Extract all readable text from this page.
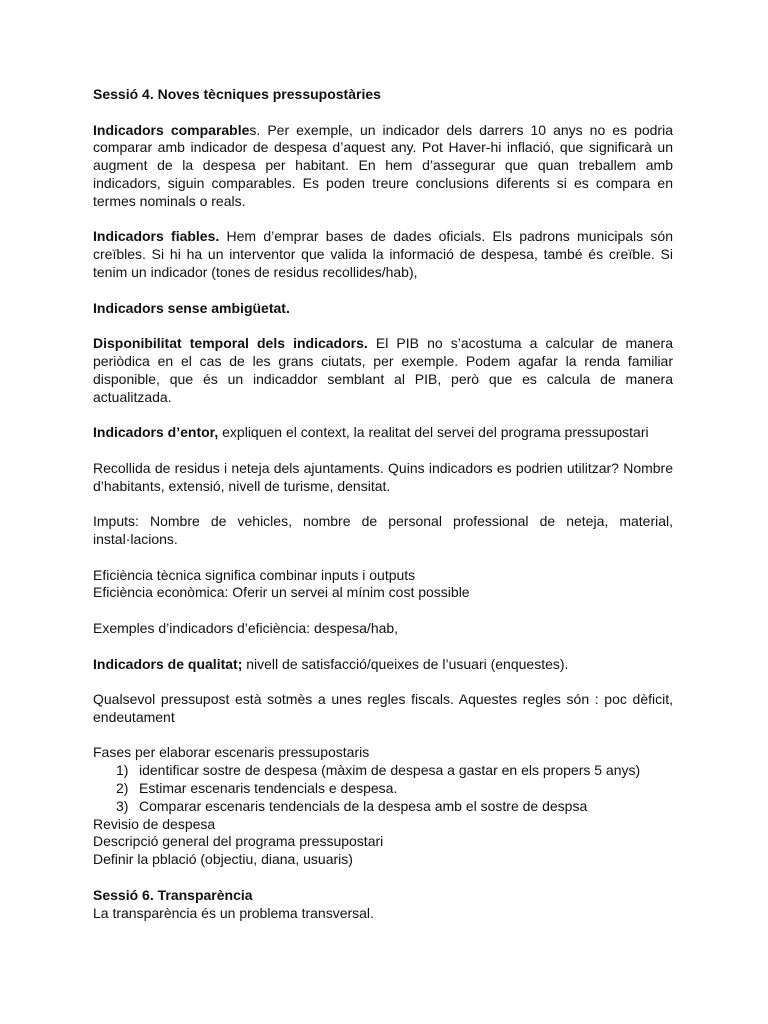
Sessió 4. Noves tècniques pressupostàries

Indicadors comparables. Per exemple, un indicador dels darrers 10 anys no es podria comparar amb indicador de despesa d’aquest any. Pot Haver-hi inflació, que significarà un augment de la despesa per habitant. En hem d’assegurar que quan treballem amb indicadors, siguin comparables. Es poden treure conclusions diferents si es compara en termes nominals o reals.

Indicadors fiables. Hem d’emprar bases de dades oficials. Els padrons municipals són creïbles. Si hi ha un interventor que valida la informació de despesa, també és creïble. Si tenim un indicador (tones de residus recollides/hab),

Indicadors sense ambigüetat.

Disponibilitat temporal dels indicadors. El PIB no s’acostuma a calcular de manera periòdica en el cas de les grans ciutats, per exemple. Podem agafar la renda familiar disponible, que és un indicaddor semblant al PIB, però que es calcula de manera actualitzada.

Indicadors d’entor, expliquen el context, la realitat del servei del programa pressupostari

Recollida de residus i neteja dels ajuntaments. Quins indicadors es podrien utilitzar? Nombre d’habitants, extensió, nivell de turisme, densitat.

Imputs: Nombre de vehicles, nombre de personal professional de neteja, material, instal·lacions.

Eficiència tècnica significa combinar inputs i outputs

Eficiència econòmica: Oferir un servei al mínim cost possible

Exemples d’indicadors d’eficiència: despesa/hab,

Indicadors de qualitat; nivell de satisfacció/queixes de l’usuari (enquestes).

Qualsevol pressupost està sotmès a unes regles fiscals. Aquestes regles són : poc dèficit, endeutament

Fases per elaborar escenaris pressupostaris

1) identificar sostre de despesa (màxim de despesa a gastar en els propers 5 anys)
2) Estimar escenaris tendencials e despesa.
3) Comparar escenaris tendencials de la despesa amb el sostre de despsa

Revisio de despesa

Descripció general del programa pressupostari

Definir la pblació (objectiu, diana, usuaris)

Sessió 6. Transparència

La transparència és un problema transversal.
